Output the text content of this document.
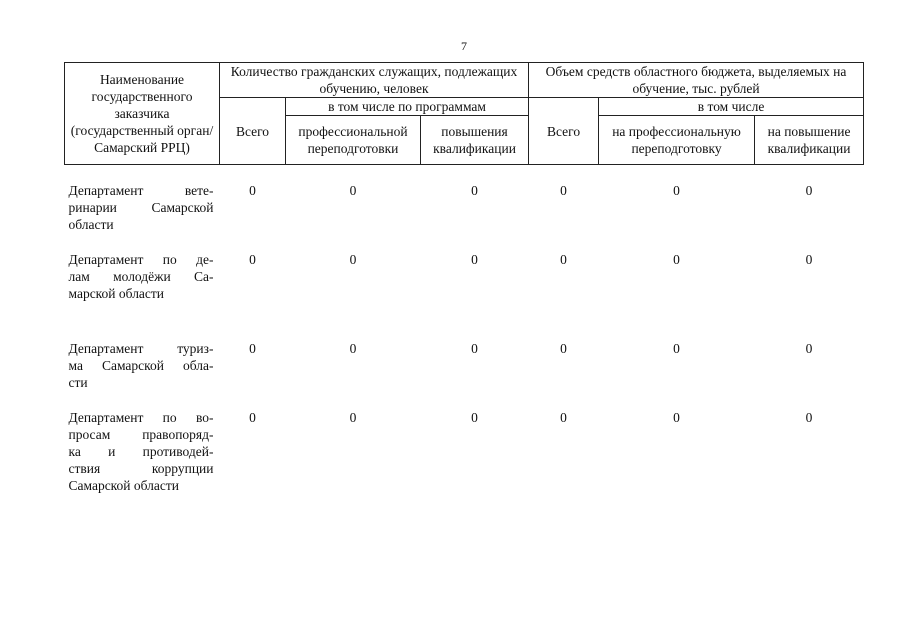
7
Наименование государственного заказчика (государственный орган/Самарский РРЦ)	Количество гражданских служащих, подлежащих обучению, человек			Объем средств областного бюджета, выделяемых на обучение, тыс. рублей		
	Всего	в том числе по программам		Всего	в том числе	
		профессиональной переподготовки	повышения квалификации		на профессиональную переподготовку	на повышение квалификации

Департамент вете-
ринарии Самарской
области	0	0	0	0	0	0

Департамент по де-
лам молодёжи Са-
марской области	0	0	0	0	0	0

Департамент туриз-
ма Самарской обла-
сти	0	0	0	0	0	0

Департамент по во-
просам правопоряд-
ка и противодей-
ствия коррупции
Самарской области	0	0	0	0	0	0
